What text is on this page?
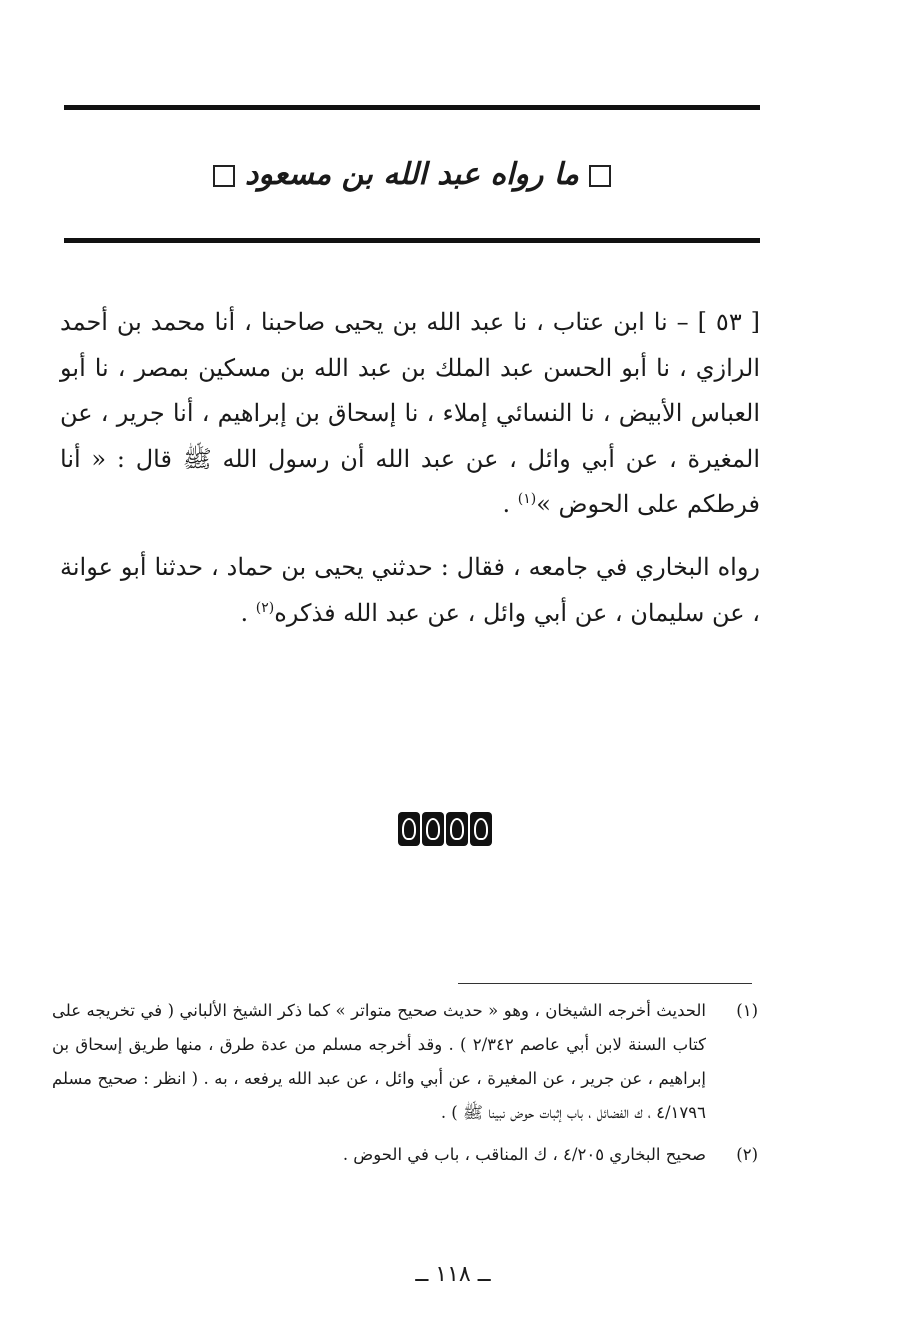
ما رواه عبد الله بن مسعود
[ ٥٣ ] – نا ابن عتاب ، نا عبد الله بن يحيى صاحبنا ، أنا محمد بن أحمد الرازي ، نا أبو الحسن عبد الملك بن عبد الله بن مسكين بمصر ، نا أبو العباس الأبيض ، نا النسائي إملاء ، نا إسحاق بن إبراهيم ، أنا جرير ، عن المغيرة ، عن أبي وائل ، عن عبد الله أن رسول الله ﷺ قال : « أنا فرطكم على الحوض »$^{(١)}$ .
رواه البخاري في جامعه ، فقال : حدثني يحيى بن حماد ، حدثنا أبو عوانة ، عن سليمان ، عن أبي وائل ، عن عبد الله فذكره$^{(٢)}$ .
(١)
الحديث أخرجه الشيخان ، وهو « حديث صحيح متواتر » كما ذكر الشيخ الألباني ( في تخريجه على كتاب السنة لابن أبي عاصم ٢/٣٤٢ ) . وقد أخرجه مسلم من عدة طرق ، منها طريق إسحاق بن إبراهيم ، عن جرير ، عن المغيرة ، عن أبي وائل ، عن عبد الله يرفعه ، به . ( انظر : صحيح مسلم ٤/١٧٩٦ ، ك الفضائل ، باب إثبات حوض نبينا ﷺ ) .
(٢)
صحيح البخاري ٤/٢٠٥ ، ك المناقب ، باب في الحوض .
ــ ١١٨ ــ
